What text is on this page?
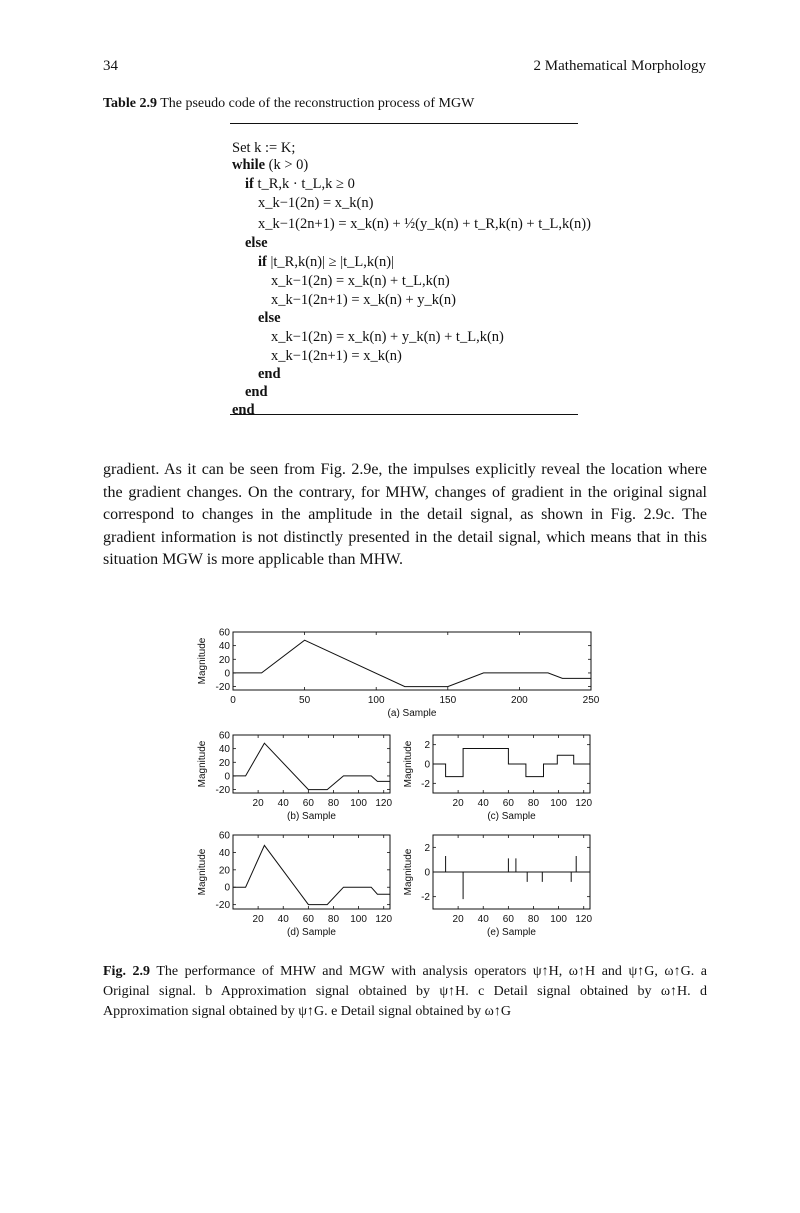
34	2 Mathematical Morphology
Table 2.9 The pseudo code of the reconstruction process of MGW
Set k := K;
while (k > 0)
if t_R,k · t_L,k ≥ 0
x_k−1(2n) = x_k(n)
x_k−1(2n+1) = x_k(n) + ½(y_k(n) + t_R,k(n) + t_L,k(n))
else
if |t_R,k(n)| ≥ |t_L,k(n)|
x_k−1(2n) = x_k(n) + t_L,k(n)
x_k−1(2n+1) = x_k(n) + y_k(n)
else
x_k−1(2n) = x_k(n) + y_k(n) + t_L,k(n)
x_k−1(2n+1) = x_k(n)
end
end
end
gradient. As it can be seen from Fig. 2.9e, the impulses explicitly reveal the location where the gradient changes. On the contrary, for MHW, changes of gradient in the original signal correspond to changes in the amplitude in the detail signal, as shown in Fig. 2.9c. The gradient information is not distinctly presented in the detail signal, which means that in this situation MGW is more applicable than MHW.
0	50	100	150	200	250
60
40
20
0
-20
(a) Sample
Magnitude
20 40 60 80 100 120
60
40
20
0
-20
(b) Sample
Magnitude
20 40 60 80 100 120
2
0
-2
(c) Sample
Magnitude
20 40 60 80 100 120
60
40
20
0
-20
(d) Sample
Magnitude
20 40 60 80 100 120
2
0
-2
(e) Sample
Magnitude
Fig. 2.9 The performance of MHW and MGW with analysis operators ψ↑H, ω↑H and ψ↑G, ω↑G. a Original signal. b Approximation signal obtained by ψ↑H. c Detail signal obtained by ω↑H. d Approximation signal obtained by ψ↑G. e Detail signal obtained by ω↑G
